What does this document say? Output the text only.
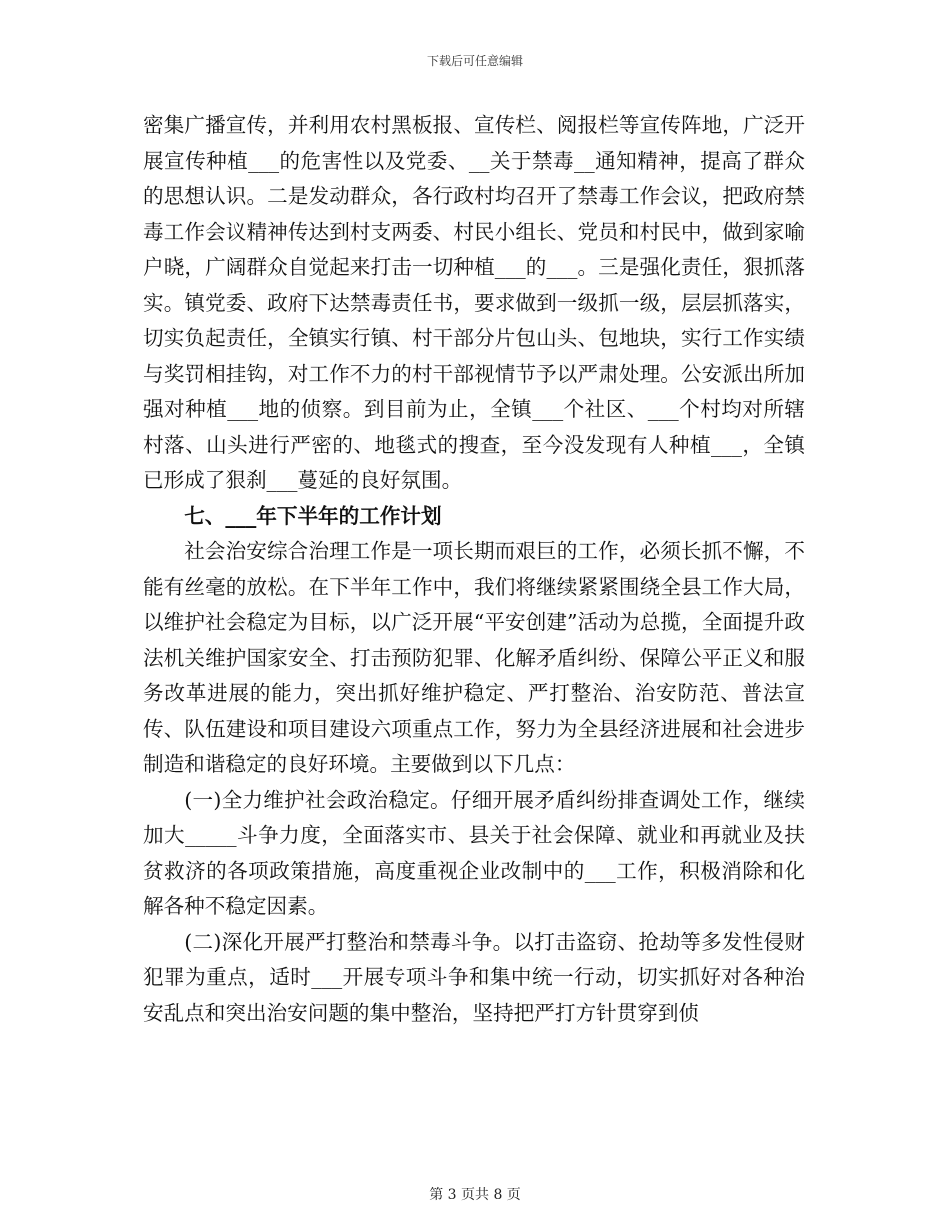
下载后可任意编辑

密集广播宣传，并利用农村黑板报、宣传栏、阅报栏等宣传阵地，广泛开展宣传种植___的危害性以及党委、__关于禁毒__通知精神，提高了群众的思想认识。二是发动群众，各行政村均召开了禁毒工作会议，把政府禁毒工作会议精神传达到村支两委、村民小组长、党员和村民中，做到家喻户晓，广阔群众自觉起来打击一切种植___的___。三是强化责任，狠抓落实。镇党委、政府下达禁毒责任书，要求做到一级抓一级，层层抓落实，切实负起责任，全镇实行镇、村干部分片包山头、包地块，实行工作实绩与奖罚相挂钩，对工作不力的村干部视情节予以严肃处理。公安派出所加强对种植___地的侦察。到目前为止，全镇___个社区、___个村均对所辖村落、山头进行严密的、地毯式的搜查，至今没发现有人种植___，全镇已形成了狠刹___蔓延的良好氛围。

七、___年下半年的工作计划

社会治安综合治理工作是一项长期而艰巨的工作，必须长抓不懈，不能有丝毫的放松。在下半年工作中，我们将继续紧紧围绕全县工作大局，以维护社会稳定为目标，以广泛开展“平安创建”活动为总揽，全面提升政法机关维护国家安全、打击预防犯罪、化解矛盾纠纷、保障公平正义和服务改革进展的能力，突出抓好维护稳定、严打整治、治安防范、普法宣传、队伍建设和项目建设六项重点工作，努力为全县经济进展和社会进步制造和谐稳定的良好环境。主要做到以下几点：

(一)全力维护社会政治稳定。仔细开展矛盾纠纷排查调处工作，继续加大_____斗争力度，全面落实市、县关于社会保障、就业和再就业及扶贫救济的各项政策措施，高度重视企业改制中的___工作，积极消除和化解各种不稳定因素。

(二)深化开展严打整治和禁毒斗争。以打击盗窃、抢劫等多发性侵财犯罪为重点，适时___开展专项斗争和集中统一行动，切实抓好对各种治安乱点和突出治安问题的集中整治，坚持把严打方针贯穿到侦

第 3 页共 8 页
